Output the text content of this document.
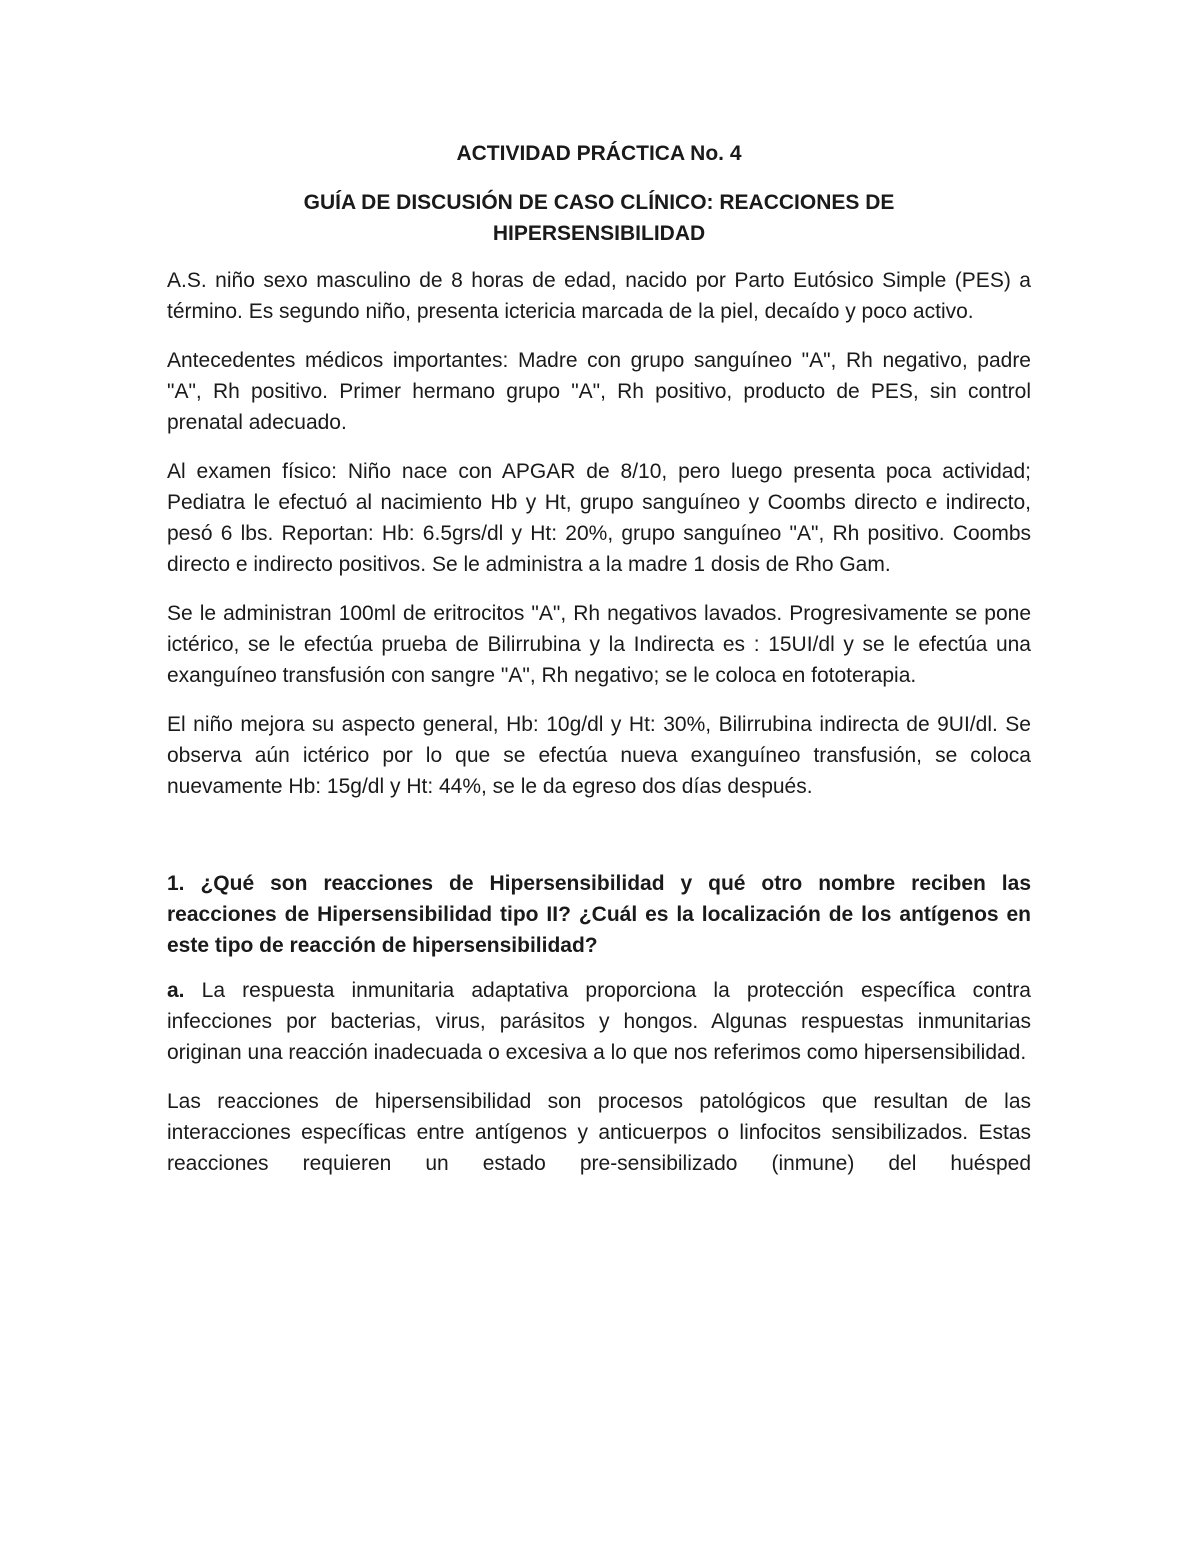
ACTIVIDAD PRÁCTICA No. 4
GUÍA DE DISCUSIÓN DE CASO CLÍNICO: REACCIONES DE
HIPERSENSIBILIDAD

A.S. niño sexo masculino de 8 horas de edad, nacido por Parto Eutósico Simple (PES) a término. Es segundo niño, presenta ictericia marcada de la piel, decaído y poco activo.

Antecedentes médicos importantes: Madre con grupo sanguíneo "A", Rh negativo, padre "A", Rh positivo. Primer hermano grupo "A", Rh positivo, producto de PES, sin control prenatal adecuado.

Al examen físico: Niño nace con APGAR de 8/10, pero luego presenta poca actividad; Pediatra le efectuó al nacimiento Hb y Ht, grupo sanguíneo y Coombs directo e indirecto, pesó 6 lbs. Reportan: Hb: 6.5grs/dl y Ht: 20%, grupo sanguíneo "A", Rh positivo. Coombs directo e indirecto positivos. Se le administra a la madre 1 dosis de Rho Gam.

Se le administran 100ml de eritrocitos "A", Rh negativos lavados. Progresivamente se pone ictérico, se le efectúa prueba de Bilirrubina y la Indirecta es : 15UI/dl y se le efectúa una exanguíneo transfusión con sangre "A", Rh negativo; se le coloca en fototerapia.

El niño mejora su aspecto general, Hb: 10g/dl y Ht: 30%, Bilirrubina indirecta de 9UI/dl. Se observa aún ictérico por lo que se efectúa nueva exanguíneo transfusión, se coloca nuevamente Hb: 15g/dl y Ht: 44%, se le da egreso dos días después.

1. ¿Qué son reacciones de Hipersensibilidad y qué otro nombre reciben las reacciones de Hipersensibilidad tipo II? ¿Cuál es la localización de los antígenos en este tipo de reacción de hipersensibilidad?

a. La respuesta inmunitaria adaptativa proporciona la protección específica contra infecciones por bacterias, virus, parásitos y hongos. Algunas respuestas inmunitarias originan una reacción inadecuada o excesiva a lo que nos referimos como hipersensibilidad.

Las reacciones de hipersensibilidad son procesos patológicos que resultan de las interacciones específicas entre antígenos y anticuerpos o linfocitos sensibilizados. Estas reacciones requieren un estado pre-sensibilizado (inmune) del huésped
